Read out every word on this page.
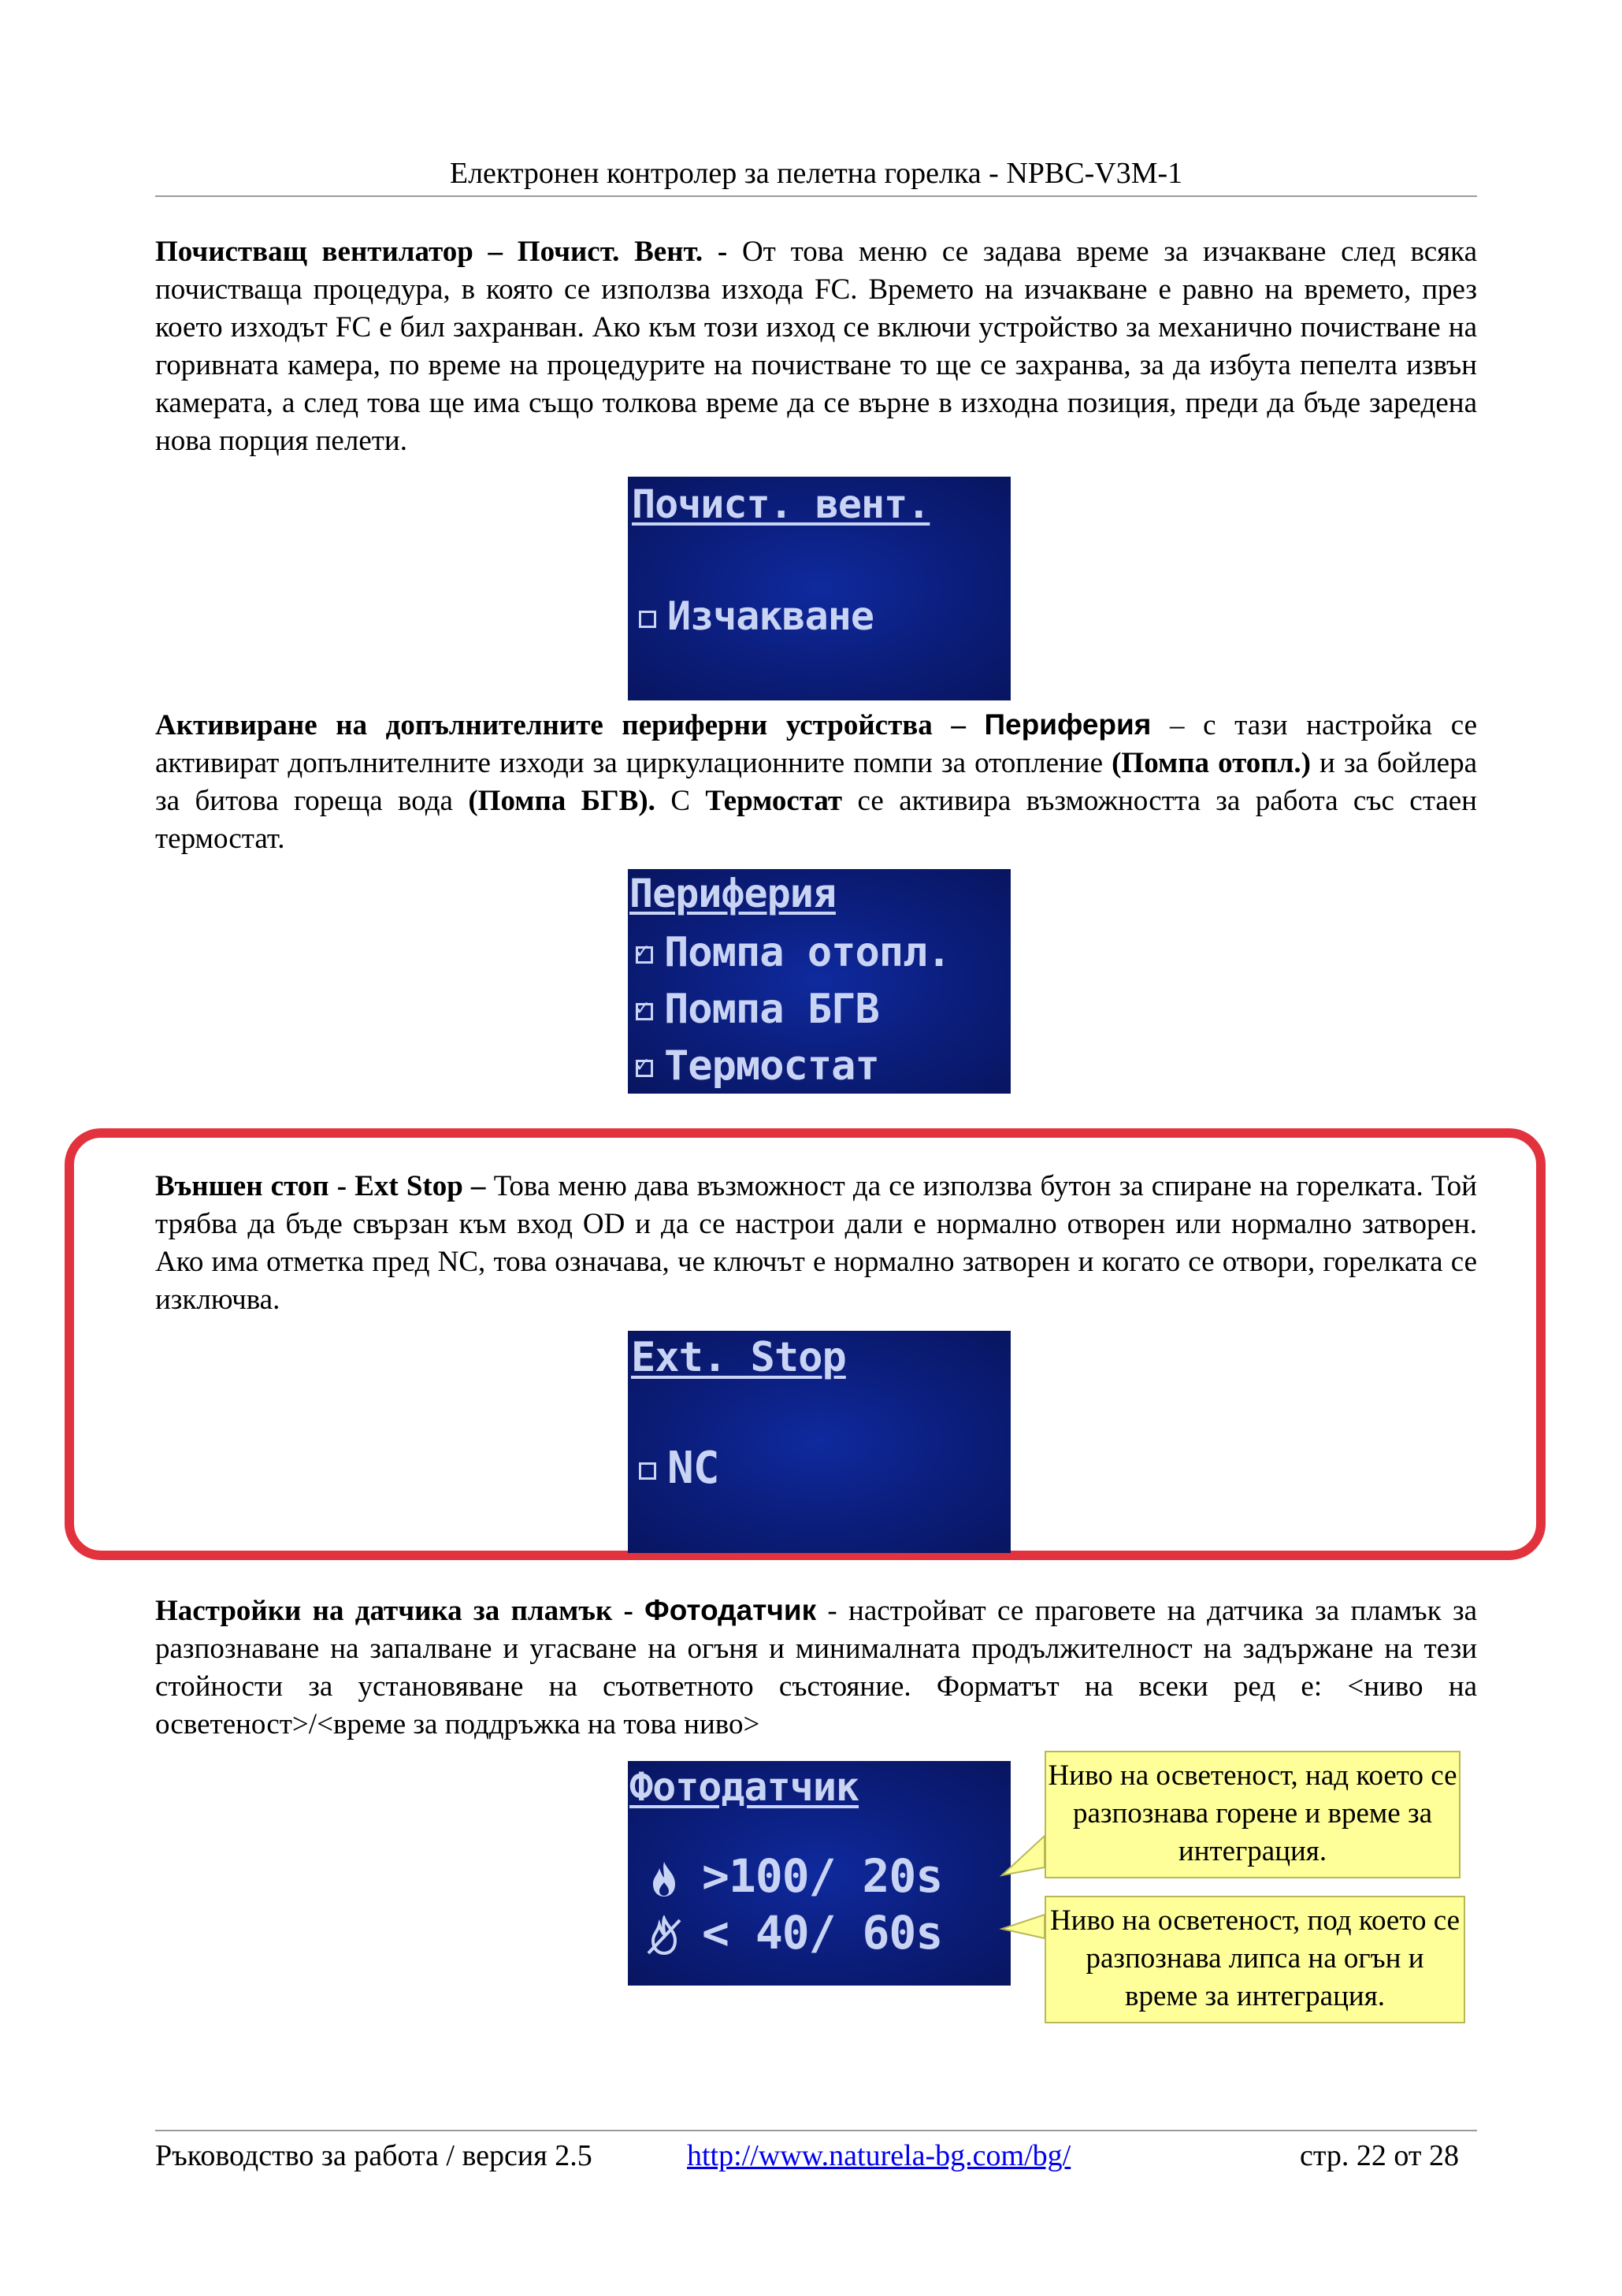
Електронен контролер за пелетна горелка - NPBC-V3M-1

Почистващ вентилатор – Почист. Вент. - От това меню се задава време за изчакване след всяка почистваща процедура, в която се използва изхода FC. Времето на изчакване е равно на времето, през което изходът FC е бил захранван. Ако към този изход се включи устройство за механично почистване на горивната камера, по време на процедурите на почистване то ще се захранва, за да избута пепелта извън камерата, а след това ще има също толкова време да се върне в изходна позиция, преди да бъде заредена нова порция пелети.

Почист. вент.
Изчакване

Активиране на допълнителните периферни устройства – Периферия – с тази настройка се активират допълнителните изходи за циркулационните помпи за отопление (Помпа отопл.) и за бойлера за битова гореща вода (Помпа БГВ). С Термостат се активира възможността за работа със стаен термостат.

Периферия
✓Помпа отопл.
✓Помпа БГВ
✓Термостат

Външен стоп - Ext Stop – Това меню дава възможност да се използва бутон за спиране на горелката. Той трябва да бъде свързан към вход OD и да се настрои дали е нормално отворен или нормално затворен. Ако има отметка пред NC, това означава, че ключът е нормално затворен и когато се отвори, горелката се изключва.

Ext. Stop
NC

Настройки на датчика за пламък - Фотодатчик - настройват се праговете на датчика за пламък за разпознаване на запалване и угасване на огъня и минималната продължителност на задържане на тези стойности за установяване на съответното състояние. Форматът на всеки ред е: <ниво на осветеност>/<време за поддръжка на това ниво>

Фотодатчик
>100/ 20s
< 40/ 60s
Ниво на осветеност, над което се разпознава горене и време за интеграция.
Ниво на осветеност, под което се разпознава липса на огън и време за интеграция.
Ръководство за работа / версия 2.5	http://www.naturela-bg.com/bg/	стр. 22 от 28
